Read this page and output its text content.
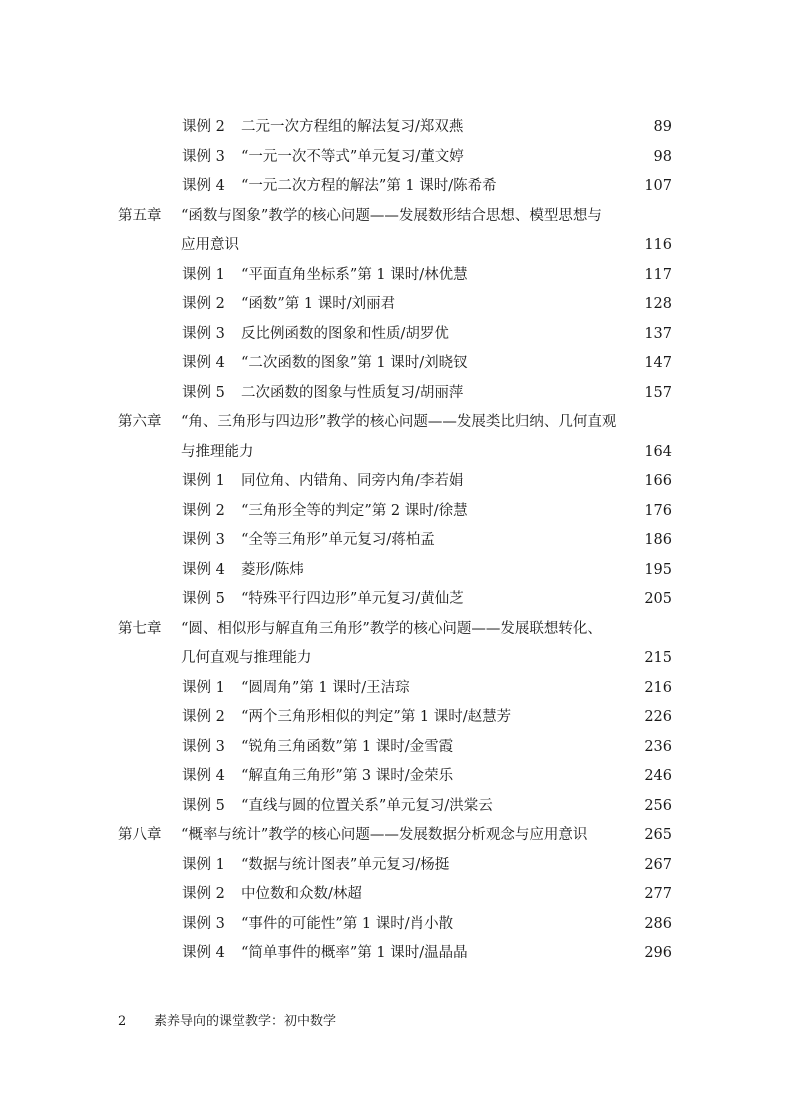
课例 2 二元一次方程组的解法复习/郑双燕	89
课例 3 “一元一次不等式”单元复习/董文婷	98
课例 4 “一元二次方程的解法”第 1 课时/陈希希	107
第五章 “函数与图象”教学的核心问题——发展数形结合思想、模型思想与
应用意识	116
课例 1 “平面直角坐标系”第 1 课时/林优慧	117
课例 2 “函数”第 1 课时/刘丽君	128
课例 3 反比例函数的图象和性质/胡罗优	137
课例 4 “二次函数的图象”第 1 课时/刘晓钗	147
课例 5 二次函数的图象与性质复习/胡丽萍	157
第六章 “角、三角形与四边形”教学的核心问题——发展类比归纳、几何直观
与推理能力	164
课例 1 同位角、内错角、同旁内角/李若娟	166
课例 2 “三角形全等的判定”第 2 课时/徐慧	176
课例 3 “全等三角形”单元复习/蒋柏孟	186
课例 4 菱形/陈炜	195
课例 5 “特殊平行四边形”单元复习/黄仙芝	205
第七章 “圆、相似形与解直角三角形”教学的核心问题——发展联想转化、
几何直观与推理能力	215
课例 1 “圆周角”第 1 课时/王洁琮	216
课例 2 “两个三角形相似的判定”第 1 课时/赵慧芳	226
课例 3 “锐角三角函数”第 1 课时/金雪霞	236
课例 4 “解直角三角形”第 3 课时/金荣乐	246
课例 5 “直线与圆的位置关系”单元复习/洪棠云	256
第八章 “概率与统计”教学的核心问题——发展数据分析观念与应用意识	265
课例 1 “数据与统计图表”单元复习/杨挺	267
课例 2 中位数和众数/林超	277
课例 3 “事件的可能性”第 1 课时/肖小散	286
课例 4 “简单事件的概率”第 1 课时/温晶晶	296
2 素养导向的课堂教学：初中数学
